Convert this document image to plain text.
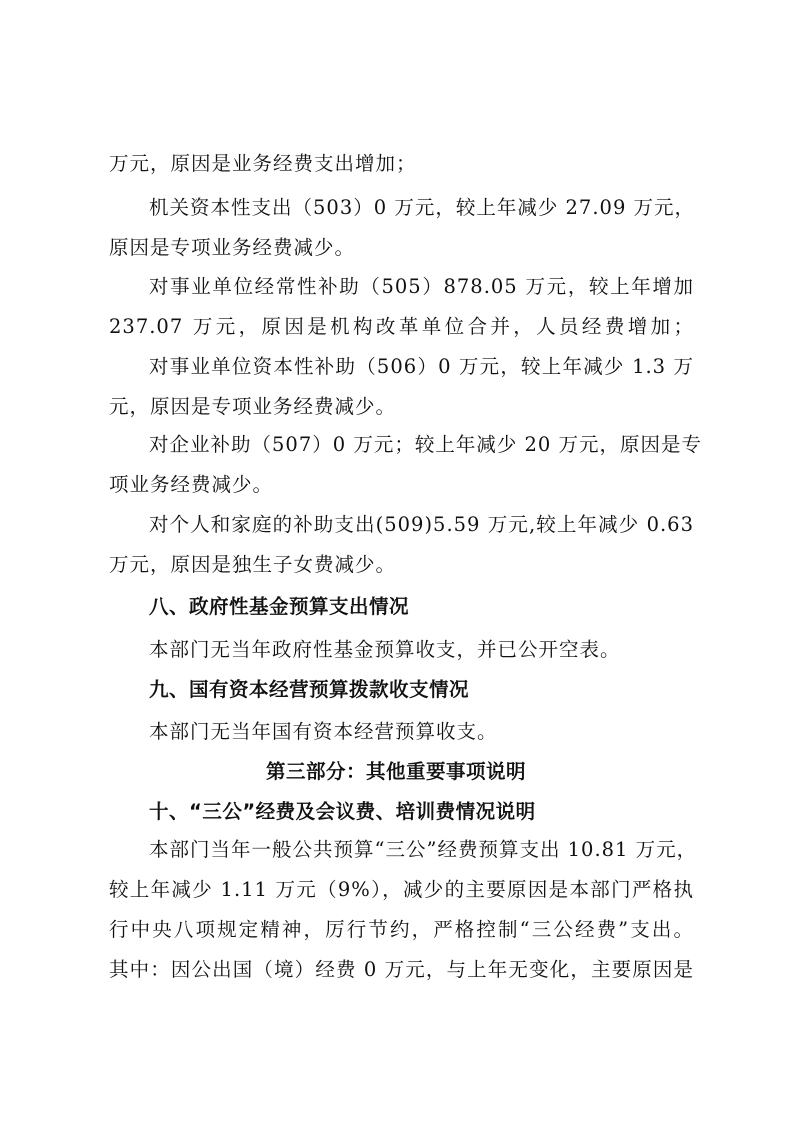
万元，原因是业务经费支出增加；
机关资本性支出（503）0 万元，较上年减少 27.09 万元，
原因是专项业务经费减少。
对事业单位经常性补助（505）878.05 万元，较上年增加
237.07 万元，原因是机构改革单位合并，人员经费增加；
对事业单位资本性补助（506）0 万元，较上年减少 1.3 万
元，原因是专项业务经费减少。
对企业补助（507）0 万元；较上年减少 20 万元，原因是专
项业务经费减少。
对个人和家庭的补助支出(509)5.59 万元,较上年减少 0.63
万元，原因是独生子女费减少。
八、政府性基金预算支出情况
本部门无当年政府性基金预算收支，并已公开空表。
九、国有资本经营预算拨款收支情况
本部门无当年国有资本经营预算收支。
第三部分：其他重要事项说明
十、“三公”经费及会议费、培训费情况说明
本部门当年一般公共预算“三公”经费预算支出 10.81 万元，
较上年减少 1.11 万元（9%），减少的主要原因是本部门严格执
行中央八项规定精神，厉行节约，严格控制“三公经费”支出。
其中：因公出国（境）经费 0 万元，与上年无变化，主要原因是
